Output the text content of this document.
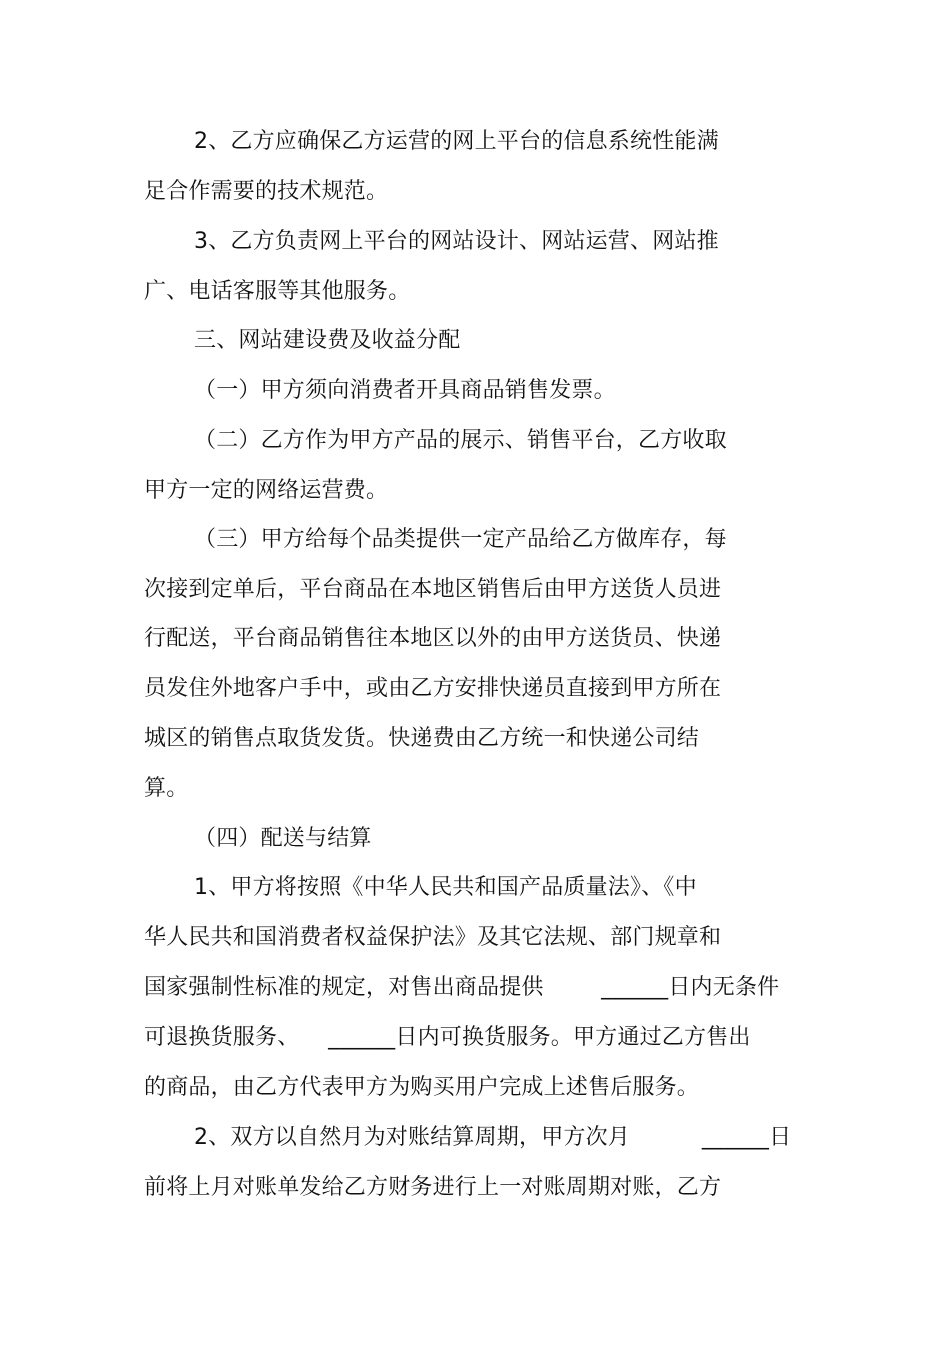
2、乙方应确保乙方运营的网上平台的信息系统性能满
足合作需要的技术规范。
3、乙方负责网上平台的网站设计、网站运营、网站推
广、电话客服等其他服务。
三、网站建设费及收益分配
（一）甲方须向消费者开具商品销售发票。
（二）乙方作为甲方产品的展示、销售平台，乙方收取
甲方一定的网络运营费。
（三）甲方给每个品类提供一定产品给乙方做库存，每
次接到定单后，平台商品在本地区销售后由甲方送货人员进
行配送，平台商品销售往本地区以外的由甲方送货员、快递
员发住外地客户手中，或由乙方安排快递员直接到甲方所在
城区的销售点取货发货。快递费由乙方统一和快递公司结
算。
（四）配送与结算
1、甲方将按照《中华人民共和国产品质量法》、《中
华人民共和国消费者权益保护法》及其它法规、部门规章和
国家强制性标准的规定，对售出商品提供        ______日内无条件
可退换货服务、    ______日内可换货服务。甲方通过乙方售出
的商品，由乙方代表甲方为购买用户完成上述售后服务。
2、双方以自然月为对账结算周期，甲方次月          ______日
前将上月对账单发给乙方财务进行上一对账周期对账，乙方
